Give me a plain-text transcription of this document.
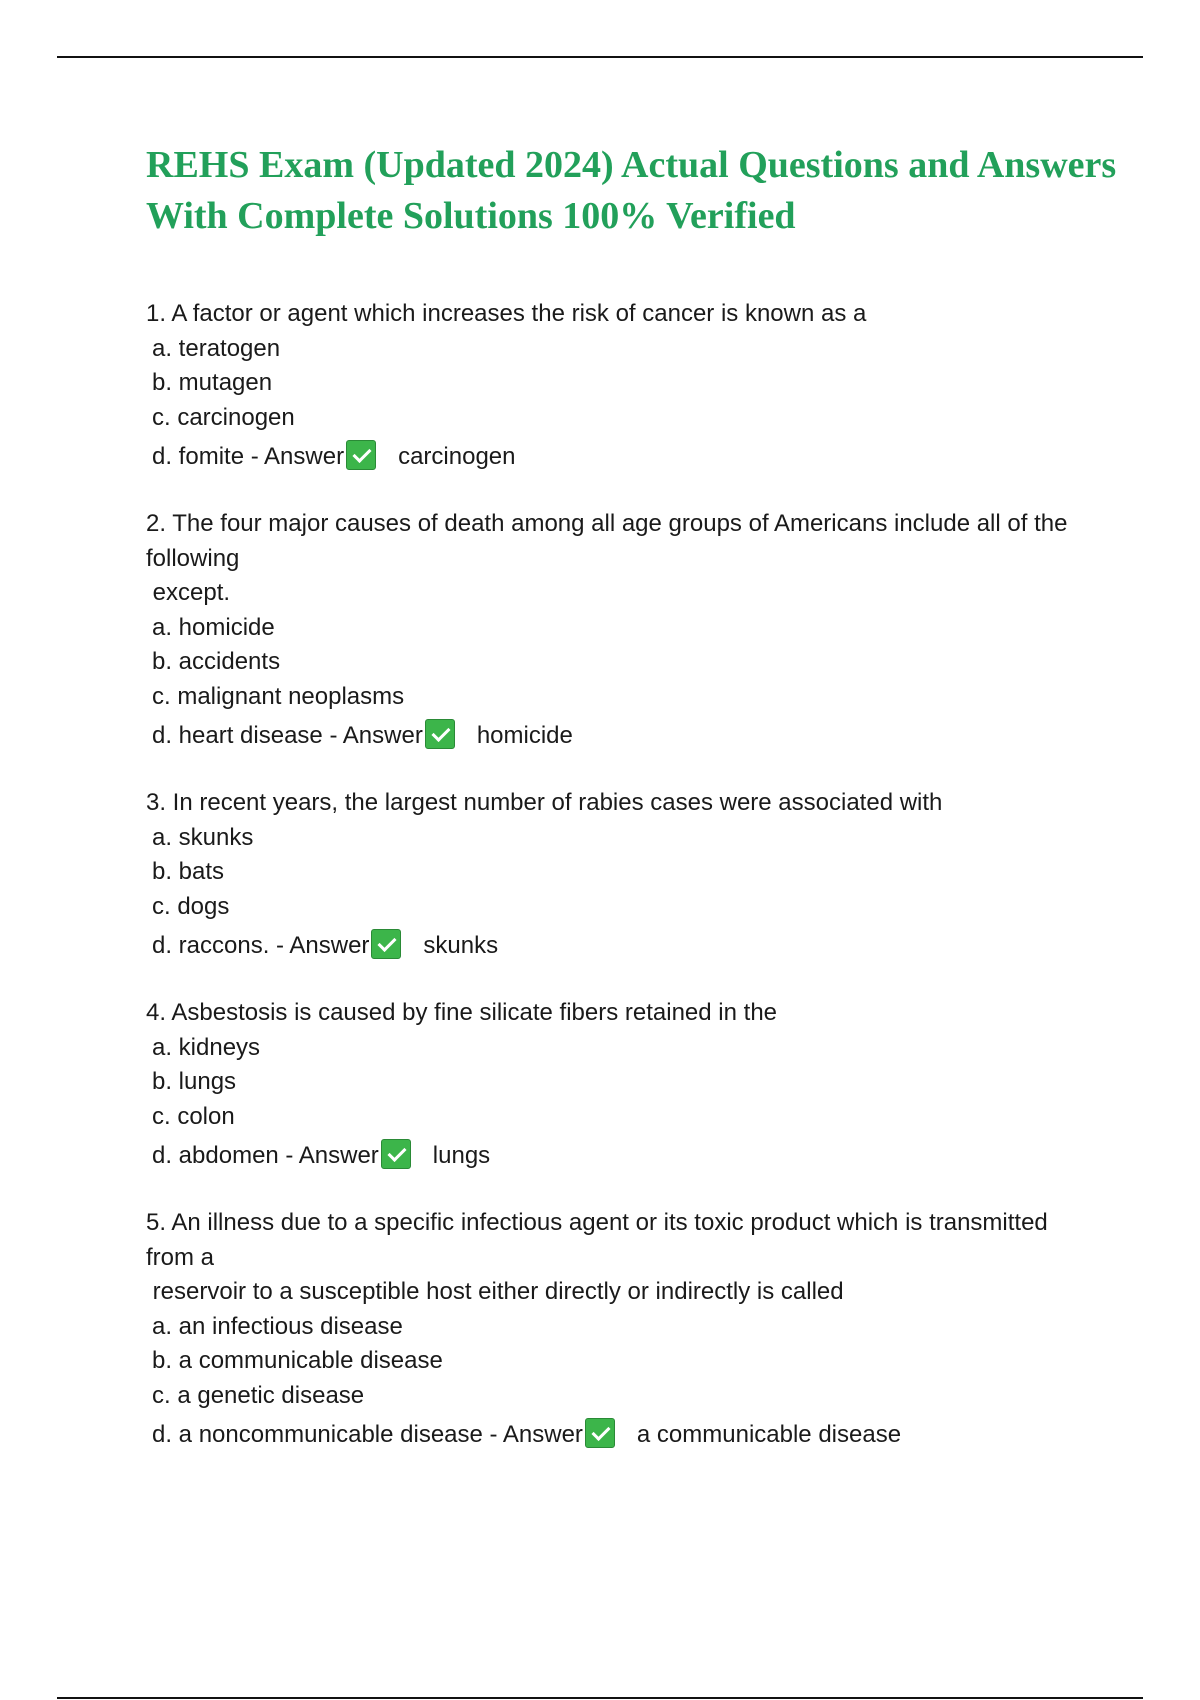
REHS Exam (Updated 2024) Actual Questions and Answers With Complete Solutions 100% Verified
1. A factor or agent which increases the risk of cancer is known as a
a. teratogen
b. mutagen
c. carcinogen
d. fomite - Answer carcinogen
2. The four major causes of death among all age groups of Americans include all of the following
except.
a. homicide
b. accidents
c. malignant neoplasms
d. heart disease - Answer homicide
3. In recent years, the largest number of rabies cases were associated with
a. skunks
b. bats
c. dogs
d. raccons. - Answer skunks
4. Asbestosis is caused by fine silicate fibers retained in the
a. kidneys
b. lungs
c. colon
d. abdomen - Answer lungs
5. An illness due to a specific infectious agent or its toxic product which is transmitted from a
reservoir to a susceptible host either directly or indirectly is called
a. an infectious disease
b. a communicable disease
c. a genetic disease
d. a noncommunicable disease - Answer a communicable disease
